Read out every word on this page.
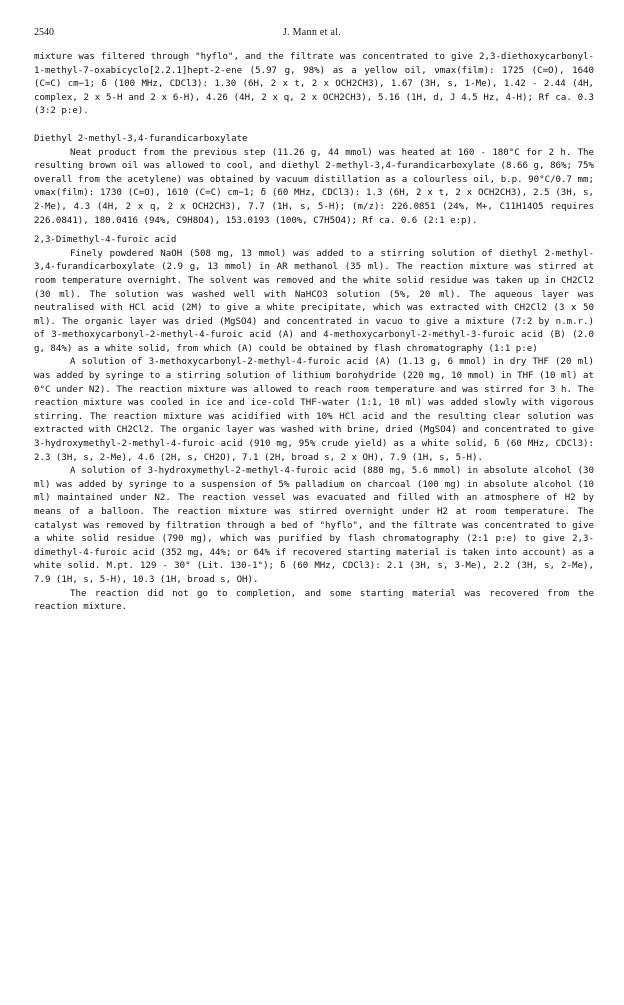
2540	J. Mann et al.

mixture was filtered through "hyflo", and the filtrate was concentrated to give 2,3-diethoxycarbonyl-1-methyl-7-oxabicyclo[2.2.1]hept-2-ene (5.97 g, 98%) as a yellow oil, νmax(film): 1725 (C=O), 1640 (C=C) cm−1; δ (100 MHz, CDCl3): 1.30 (6H, 2 x t, 2 x OCH2CH3), 1.67 (3H, s, 1-Me), 1.42 - 2.44 (4H, complex, 2 x 5-H and 2 x 6-H), 4.26 (4H, 2 x q, 2 x OCH2CH3), 5.16 (1H, d, J 4.5 Hz, 4-H); Rf ca. 0.3 (3:2 p:e).

Diethyl 2-methyl-3,4-furandicarboxylate

Neat product from the previous step (11.26 g, 44 mmol) was heated at 160 - 180°C for 2 h. The resulting brown oil was allowed to cool, and diethyl 2-methyl-3,4-furandicarboxylate (8.66 g, 86%; 75% overall from the acetylene) was obtained by vacuum distillation as a colourless oil, b.p. 90°C/0.7 mm; νmax(film): 1730 (C=O), 1610 (C=C) cm−1; δ (60 MHz, CDCl3): 1.3 (6H, 2 x t, 2 x OCH2CH3), 2.5 (3H, s, 2-Me), 4.3 (4H, 2 x q, 2 x OCH2CH3), 7.7 (1H, s, 5-H); (m/z): 226.0851 (24%, M+, C11H14O5 requires 226.0841), 180.0416 (94%, C9H8O4), 153.0193 (100%, C7H5O4); Rf ca. 0.6 (2:1 e:p).

2,3-Dimethyl-4-furoic acid

Finely powdered NaOH (508 mg, 13 mmol) was added to a stirring solution of diethyl 2-methyl-3,4-furandicarboxylate (2.9 g, 13 mmol) in AR methanol (35 ml). The reaction mixture was stirred at room temperature overnight. The solvent was removed and the white solid residue was taken up in CH2Cl2 (30 ml). The solution was washed well with NaHCO3 solution (5%, 20 ml). The aqueous layer was neutralised with HCl acid (2M) to give a white precipitate, which was extracted with CH2Cl2 (3 x 50 ml). The organic layer was dried (MgSO4) and concentrated in vacuo to give a mixture (7:2 by n.m.r.) of 3-methoxycarbonyl-2-methyl-4-furoic acid (A) and 4-methoxycarbonyl-2-methyl-3-furoic acid (B) (2.0 g, 84%) as a white solid, from which (A) could be obtained by flash chromatography (1:1 p:e)

A solution of 3-methoxycarbonyl-2-methyl-4-furoic acid (A) (1.13 g, 6 mmol) in dry THF (20 ml) was added by syringe to a stirring solution of lithium borohydride (220 mg, 10 mmol) in THF (10 ml) at 0°C under N2). The reaction mixture was allowed to reach room temperature and was stirred for 3 h. The reaction mixture was cooled in ice and ice-cold THF-water (1:1, 10 ml) was added slowly with vigorous stirring. The reaction mixture was acidified with 10% HCl acid and the resulting clear solution was extracted with CH2Cl2. The organic layer was washed with brine, dried (MgSO4) and concentrated to give 3-hydroxymethyl-2-methyl-4-furoic acid (910 mg, 95% crude yield) as a white solid, δ (60 MHz, CDCl3): 2.3 (3H, s, 2-Me), 4.6 (2H, s, CH2O), 7.1 (2H, broad s, 2 x OH), 7.9 (1H, s, 5-H).

A solution of 3-hydroxymethyl-2-methyl-4-furoic acid (880 mg, 5.6 mmol) in absolute alcohol (30 ml) was added by syringe to a suspension of 5% palladium on charcoal (100 mg) in absolute alcohol (10 ml) maintained under N2. The reaction vessel was evacuated and filled with an atmosphere of H2 by means of a balloon. The reaction mixture was stirred overnight under H2 at room temperature. The catalyst was removed by filtration through a bed of "hyflo", and the filtrate was concentrated to give a white solid residue (790 mg), which was purified by flash chromatography (2:1 p:e) to give 2,3-dimethyl-4-furoic acid (352 mg, 44%; or 64% if recovered starting material is taken into account) as a white solid. M.pt. 129 - 30° (Lit. 130-1°); δ (60 MHz, CDCl3): 2.1 (3H, s, 3-Me), 2.2 (3H, s, 2-Me), 7.9 (1H, s, 5-H), 10.3 (1H, broad s, OH).

The reaction did not go to completion, and some starting material was recovered from the reaction mixture.
